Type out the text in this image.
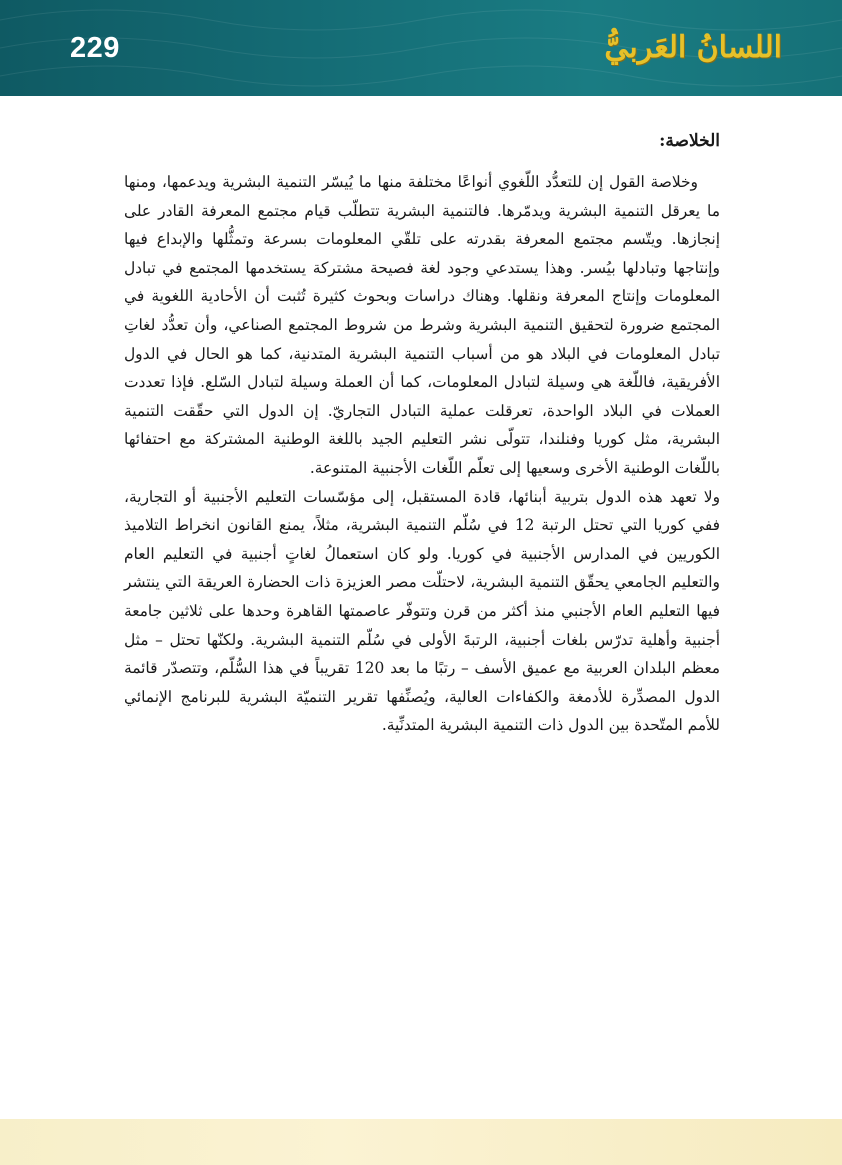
229	اللسانُ العَربيُّ
الخلاصة:

وخلاصة القول إن للتعدُّد اللّغوي أنواعًا مختلفة منها ما يُيسّر التنمية البشرية ويدعمها، ومنها ما يعرقل التنمية البشرية ويدمّرها. فالتنمية البشرية تتطلّب قيام مجتمع المعرفة القادر على إنجازها. ويتّسم مجتمع المعرفة بقدرته على تلقّي المعلومات بسرعة وتمثُّلها والإبداع فيها وإنتاجها وتبادلها بيُسر. وهذا يستدعي وجود لغة فصيحة مشتركة يستخدمها المجتمع في تبادل المعلومات وإنتاج المعرفة ونقلها. وهناك دراسات وبحوث كثيرة تُثبت أن الأحادية اللغوية في المجتمع ضرورة لتحقيق التنمية البشرية وشرط من شروط المجتمع الصناعي، وأن تعدُّد لغاتِ تبادل المعلومات في البلاد هو من أسباب التنمية البشرية المتدنية، كما هو الحال في الدول الأفريقية، فاللّغة هي وسيلة لتبادل المعلومات، كما أن العملة وسيلة لتبادل السّلع. فإذا تعددت العملات في البلاد الواحدة، تعرقلت عملية التبادل التجاريّ. إن الدول التي حقّقت التنمية البشرية، مثل كوريا وفنلندا، تتولّى نشر التعليم الجيد باللغة الوطنية المشتركة مع احتفائها باللّغات الوطنية الأخرى وسعيها إلى تعلّم اللّغات الأجنبية المتنوعة.

ولا تعهد هذه الدول بتربية أبنائها، قادة المستقبل، إلى مؤسّسات التعليم الأجنبية أو التجارية، ففي كوريا التي تحتل الرتبة 12 في سُلّم التنمية البشرية، مثلاً، يمنع القانون انخراط التلاميذ الكوريين في المدارس الأجنبية في كوريا. ولو كان استعمالُ لغاتٍ أجنبية في التعليم العام والتعليم الجامعي يحقّق التنمية البشرية، لاحتلّت مصر العزيزة ذات الحضارة العريقة التي ينتشر فيها التعليم العام الأجنبي منذ أكثر من قرن وتتوفّر عاصمتها القاهرة وحدها على ثلاثين جامعة أجنبية وأهلية تدرّس بلغات أجنبية، الرتبةَ الأولى في سُلّم التنمية البشرية. ولكنّها تحتل – مثل معظم البلدان العربية مع عميق الأسف – رتبًا ما بعد 120 تقريباً في هذا السُّلّم، وتتصدّر قائمة الدول المصدِّرة للأدمغة والكفاءات العالية، ويُصنِّفها تقرير التنميّة البشرية للبرنامج الإنمائي للأمم المتّحدة بين الدول ذات التنمية البشرية المتدنِّية.
